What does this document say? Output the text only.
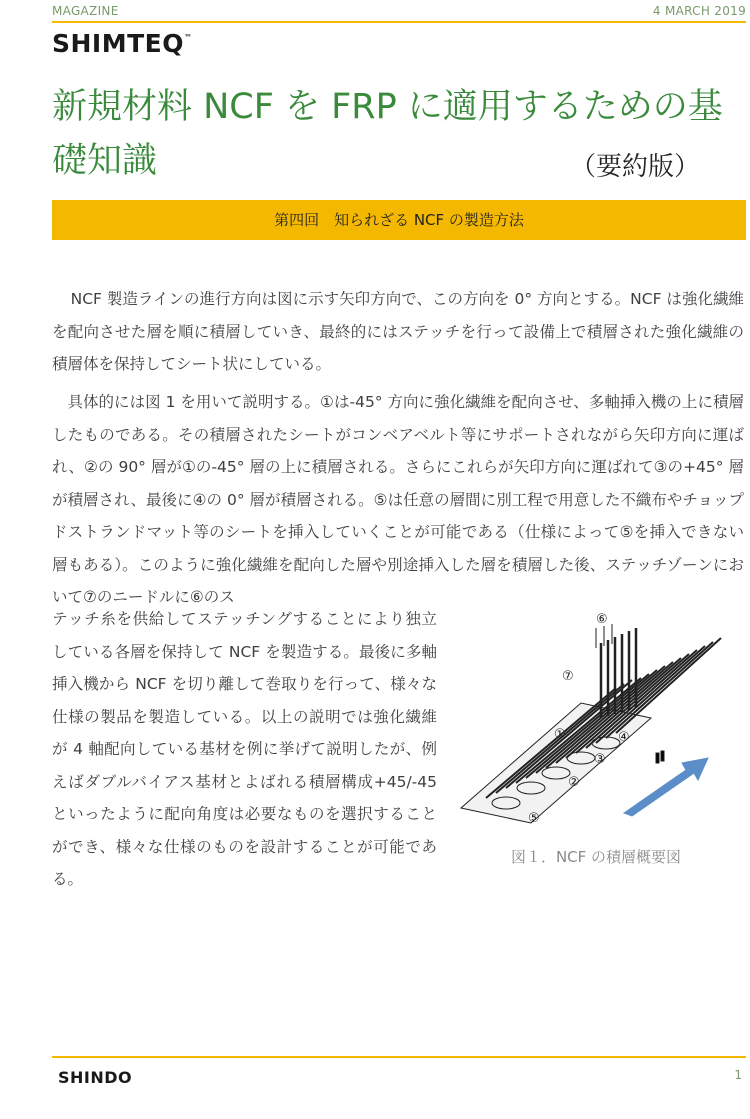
MAGAZINE	4 MARCH 2019
SHIMTEQ™
新規材料 NCF を FRP に適用するための基礎知識	（要約版）
第四回　知られざる NCF の製造方法

NCF 製造ラインの進行方向は図に示す矢印方向で、この方向を 0° 方向とする。NCF は強化繊維を配向させた層を順に積層していき、最終的にはステッチを行って設備上で積層された強化繊維の積層体を保持してシート状にしている。

具体的には図 1 を用いて説明する。①は-45° 方向に強化繊維を配向させ、多軸挿入機の上に積層したものである。その積層されたシートがコンベアベルト等にサポートされながら矢印方向に運ばれ、②の 90° 層が①の-45° 層の上に積層される。さらにこれらが矢印方向に運ばれて③の+45° 層が積層され、最後に④の 0° 層が積層される。⑤は任意の層間に別工程で用意した不織布やチョップドストランドマット等のシートを挿入していくことが可能である（仕様によって⑤を挿入できない層もある）。このように強化繊維を配向した層や別途挿入した層を積層した後、ステッチゾーンにおいて⑦のニードルに⑥のス

テッチ糸を供給してステッチングすることにより独立している各層を保持して NCF を製造する。最後に多軸挿入機から NCF を切り離して巻取りを行って、様々な仕様の製品を製造している。以上の説明では強化繊維が 4 軸配向している基材を例に挙げて説明したが、例えばダブルバイアス基材とよばれる積層構成+45/-45 といったように配向角度は必要なものを選択することができ、様々な仕様のものを設計することが可能である。

①
②
③
④
⑤
⑥
⑦
図１．NCF の積層概要図
SHINDO	1
